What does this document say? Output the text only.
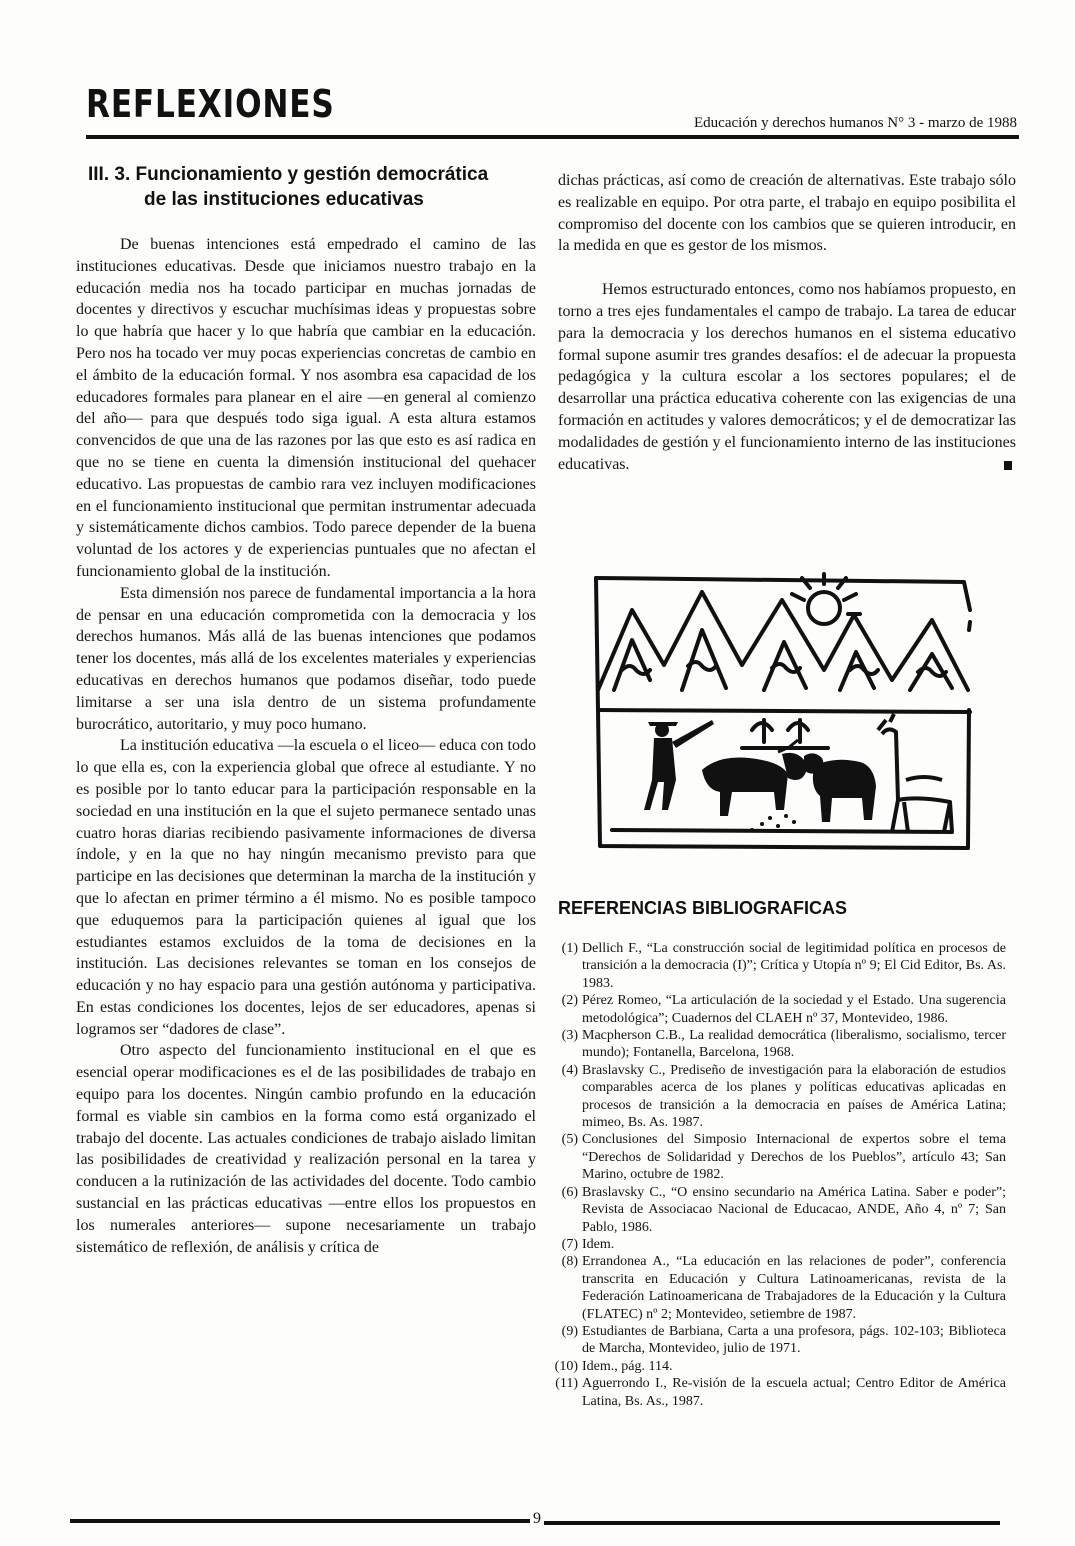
REFLEXIONES	Educación y derechos humanos N° 3 - marzo de 1988
III. 3. Funcionamiento y gestión democrática
de las instituciones educativas

De buenas intenciones está empedrado el camino de las instituciones educativas. Desde que iniciamos nuestro trabajo en la educación media nos ha tocado participar en muchas jornadas de docentes y directivos y escuchar muchísimas ideas y propuestas sobre lo que habría que hacer y lo que habría que cambiar en la educación. Pero nos ha tocado ver muy pocas experiencias concretas de cambio en el ámbito de la educación formal. Y nos asombra esa capacidad de los educadores formales para planear en el aire —en general al comienzo del año— para que después todo siga igual. A esta altura estamos convencidos de que una de las razones por las que esto es así radica en que no se tiene en cuenta la dimensión institucional del quehacer educativo. Las propuestas de cambio rara vez incluyen modificaciones en el funcionamiento institucional que permitan instrumentar adecuada y sistemáticamente dichos cambios. Todo parece depender de la buena voluntad de los actores y de experiencias puntuales que no afectan el funcionamiento global de la institución.

Esta dimensión nos parece de fundamental importancia a la hora de pensar en una educación comprometida con la democracia y los derechos humanos. Más allá de las buenas intenciones que podamos tener los docentes, más allá de los excelentes materiales y experiencias educativas en derechos humanos que podamos diseñar, todo puede limitarse a ser una isla dentro de un sistema profundamente burocrático, autoritario, y muy poco humano.

La institución educativa —la escuela o el liceo— educa con todo lo que ella es, con la experiencia global que ofrece al estudiante. Y no es posible por lo tanto educar para la participación responsable en la sociedad en una institución en la que el sujeto permanece sentado unas cuatro horas diarias recibiendo pasivamente informaciones de diversa índole, y en la que no hay ningún mecanismo previsto para que participe en las decisiones que determinan la marcha de la institución y que lo afectan en primer término a él mismo. No es posible tampoco que eduquemos para la participación quienes al igual que los estudiantes estamos excluidos de la toma de decisiones en la institución. Las decisiones relevantes se toman en los consejos de educación y no hay espacio para una gestión autónoma y participativa. En estas condiciones los docentes, lejos de ser educadores, apenas si logramos ser “dadores de clase”.

Otro aspecto del funcionamiento institucional en el que es esencial operar modificaciones es el de las posibilidades de trabajo en equipo para los docentes. Ningún cambio profundo en la educación formal es viable sin cambios en la forma como está organizado el trabajo del docente. Las actuales condiciones de trabajo aislado limitan las posibilidades de creatividad y realización personal en la tarea y conducen a la rutinización de las actividades del docente. Todo cambio sustancial en las prácticas educativas —entre ellos los propuestos en los numerales anteriores— supone necesariamente un trabajo sistemático de reflexión, de análisis y crítica de

dichas prácticas, así como de creación de alternativas. Este trabajo sólo es realizable en equipo. Por otra parte, el trabajo en equipo posibilita el compromiso del docente con los cambios que se quieren introducir, en la medida en que es gestor de los mismos.

Hemos estructurado entonces, como nos habíamos propuesto, en torno a tres ejes fundamentales el campo de trabajo. La tarea de educar para la democracia y los derechos humanos en el sistema educativo formal supone asumir tres grandes desafíos: el de adecuar la propuesta pedagógica y la cultura escolar a los sectores populares; el de desarrollar una práctica educativa coherente con las exigencias de una formación en actitudes y valores democráticos; y el de democratizar las modalidades de gestión y el funcionamiento interno de las instituciones educativas.

REFERENCIAS BIBLIOGRAFICAS
(1) Dellich F., “La construcción social de legitimidad política en procesos de transición a la democracia (I)”; Crítica y Utopía nº 9; El Cid Editor, Bs. As. 1983.
(2) Pérez Romeo, “La articulación de la sociedad y el Estado. Una sugerencia metodológica”; Cuadernos del CLAEH nº 37, Montevideo, 1986.
(3) Macpherson C.B., La realidad democrática (liberalismo, socialismo, tercer mundo); Fontanella, Barcelona, 1968.
(4) Braslavsky C., Prediseño de investigación para la elaboración de estudios comparables acerca de los planes y políticas educativas aplicadas en procesos de transición a la democracia en países de América Latina; mimeo, Bs. As. 1987.
(5) Conclusiones del Simposio Internacional de expertos sobre el tema “Derechos de Solidaridad y Derechos de los Pueblos”, artículo 43; San Marino, octubre de 1982.
(6) Braslavsky C., “O ensino secundario na América Latina. Saber e poder”; Revista de Associacao Nacional de Educacao, ANDE, Año 4, nº 7; San Pablo, 1986.
(7) Idem.
(8) Errandonea A., “La educación en las relaciones de poder”, conferencia transcrita en Educación y Cultura Latinoamericanas, revista de la Federación Latinoamericana de Trabajadores de la Educación y la Cultura (FLATEC) nº 2; Montevideo, setiembre de 1987.
(9) Estudiantes de Barbiana, Carta a una profesora, págs. 102-103; Biblioteca de Marcha, Montevideo, julio de 1971.
(10) Idem., pág. 114.
(11) Aguerrondo I., Re-visión de la escuela actual; Centro Editor de América Latina, Bs. As., 1987.
9
